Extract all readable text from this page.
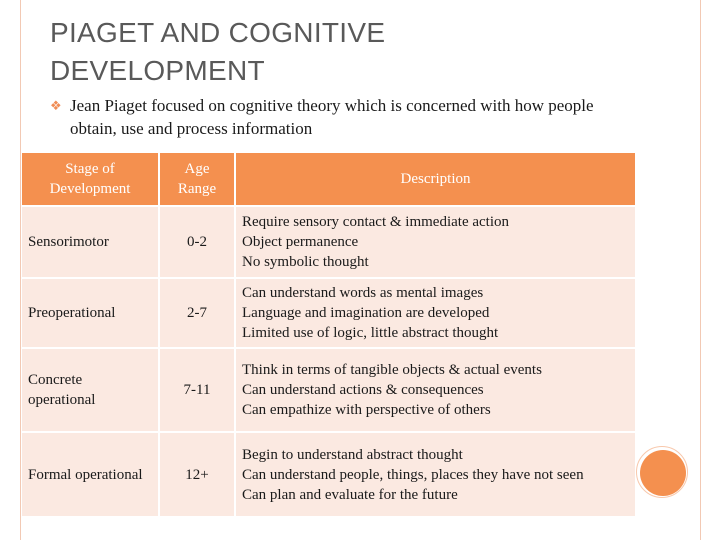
PIAGET AND COGNITIVE
DEVELOPMENT
❖ Jean Piaget focused on cognitive theory which is concerned with how people obtain, use and process information
Stage of Development	Age Range	Description
Sensorimotor	0-2	Require sensory contact & immediate action
Object permanence
No symbolic thought

Preoperational	2-7	Can understand words as mental images
Language and imagination are developed
Limited use of logic, little abstract thought

Concrete operational	7-11	Think in terms of tangible objects & actual events
Can understand actions & consequences
Can empathize with perspective of others

Formal operational	12+	Begin to understand abstract thought
Can understand people, things, places they have not seen
Can plan and evaluate for the future
